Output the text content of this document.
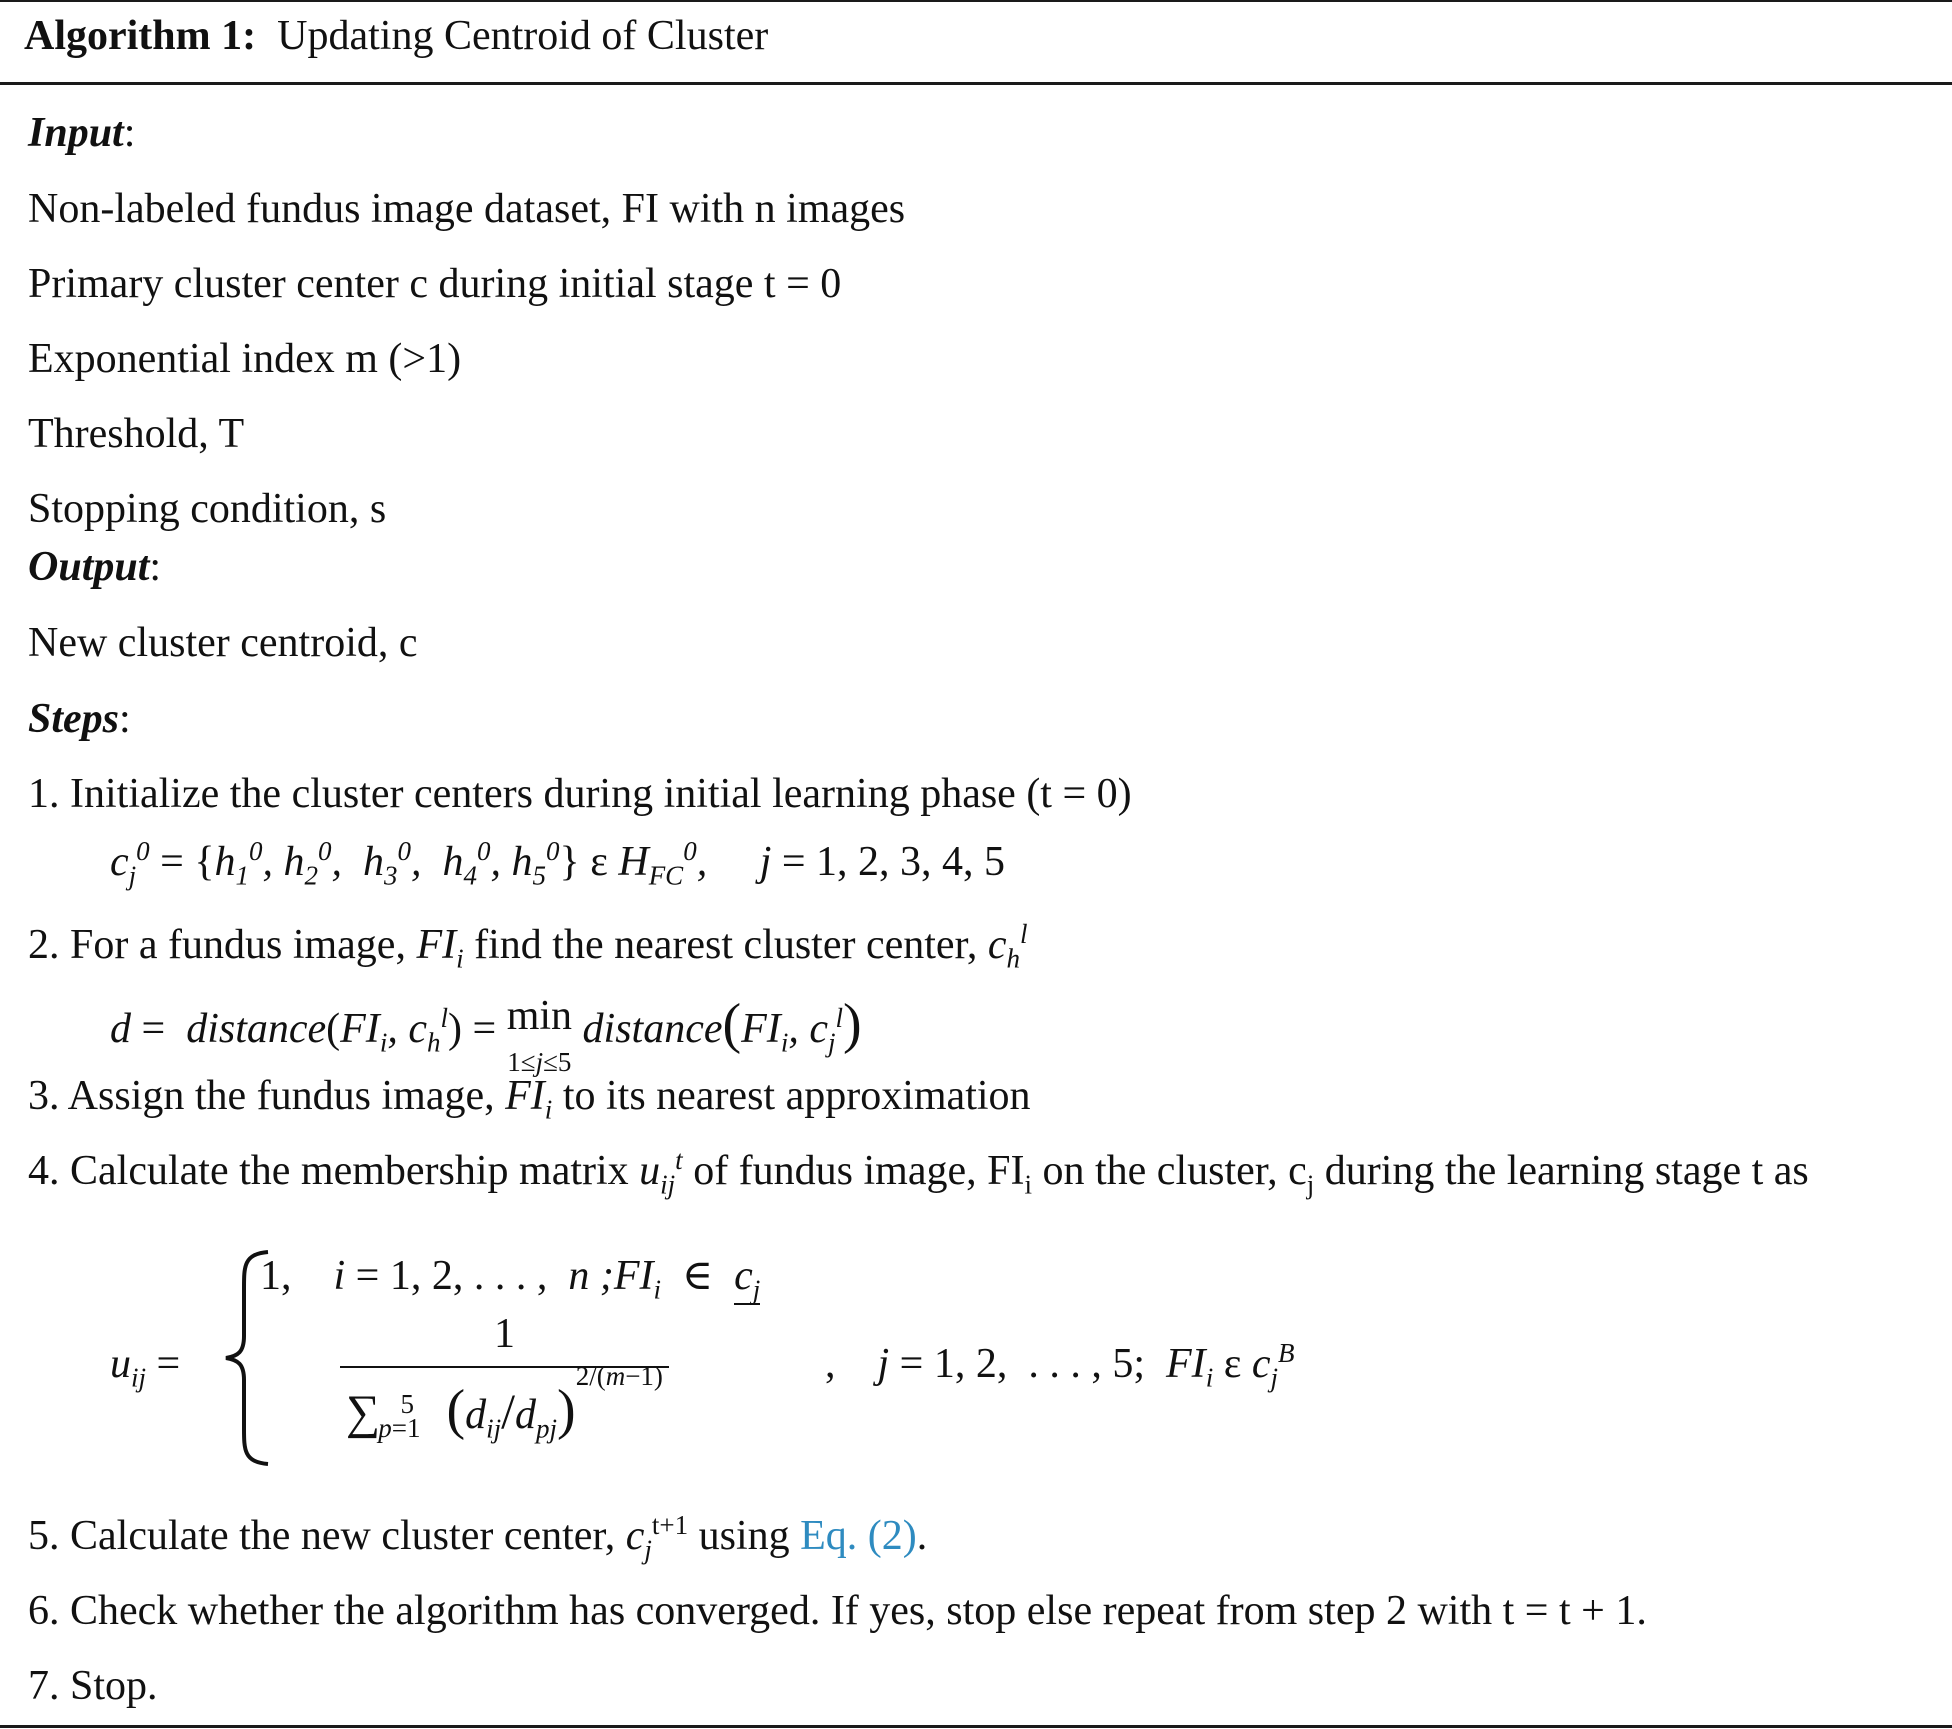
Algorithm 1: Updating Centroid of Cluster
Input:
Non-labeled fundus image dataset, FI with n images
Primary cluster center c during initial stage t = 0
Exponential index m (>1)
Threshold, T
Stopping condition, s
Output:
New cluster centroid, c
Steps:
1. Initialize the cluster centers during initial learning phase (t = 0)
$c_j^0 = \{h_1^0$, $h_2^0$,  $h_3^0$,  $h_4^0$, $h_5^0$} ε $H_{FC}^0$,     j = 1, 2, 3, 4, 5
2. For a fundus image, $FI_i$ find the nearest cluster center, $c_h^l$
$d = distance(FI_i$, $c_h^l) = \min$
1≤j≤5 $distance(FI_i$, $c_j^l$)
3. Assign the fundus image, $FI_i$ to its nearest approximation
4. Calculate the membership matrix $u_{ij}^t$ of fundus image, $FI_i$ on the cluster, $c_j$ during the learning stage t as
$u_{ij}$ =
1,    i = 1, 2, . . . ,  n $;FI_i$ ∈ $c_j$
$\frac{1}{\sum_{p=1}^5 (d_{ij}/d_{pj})^{2/(m-1)}}$	,    j = 1, 2,  . . . , 5;  $FI_i$ ε $c_j^B$
5. Calculate the new cluster center, $c_j^{t+1}$ using Eq. (2).
6. Check whether the algorithm has converged. If yes, stop else repeat from step 2 with t = t + 1.
7. Stop.
